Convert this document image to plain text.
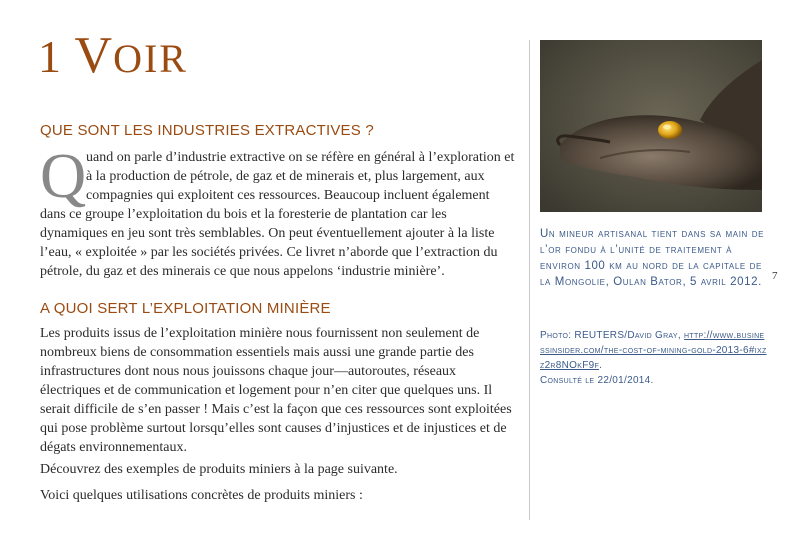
1 VOIR
QUE SONT LES INDUSTRIES EXTRACTIVES ?
Q uand on parle d’industrie extractive on se réfère en général à l’exploration et à la production de pétrole, de gaz et de minerais et, plus largement, aux compagnies qui exploitent ces ressources. Beaucoup incluent également dans ce groupe l’exploitation du bois et la foresterie de plantation car les dynamiques en jeu sont très semblables. On peut éventuellement ajouter à la liste l’eau, « exploitée » par les sociétés privées. Ce livret n’aborde que l’extraction du pétrole, du gaz et des minerais ce que nous appelons ‘industrie minière’.
A QUOI SERT L’EXPLOITATION MINIÈRE
Les produits issus de l’exploitation minière nous fournissent non seulement de nombreux biens de consommation essentiels mais aussi une grande partie des infrastructures dont nous nous jouissons chaque jour—autoroutes, réseaux électriques et de communication et logement pour n’en citer que quelques uns. Il serait difficile de s’en passer ! Mais c’est la façon que ces ressources sont exploitées qui pose problème surtout lorsqu’elles sont causes d’injustices et de injustices et de dégats environnementaux.
Découvrez des exemples de produits miniers à la page suivante.
Voici quelques utilisations concrètes de produits miniers :
Un mineur artisanal tient dans sa main de l’or fondu à l’unité de traitement à environ 100 km au nord de la capitale de la Mongolie, Oulan Bator, 5 avril 2012.
Photo: REUTERS/David Gray, http://www.businessinsider.com/the-cost-of-mining-gold-2013-6#ixzz2r8NOkF9f.
Consulté le 22/01/2014.
7
